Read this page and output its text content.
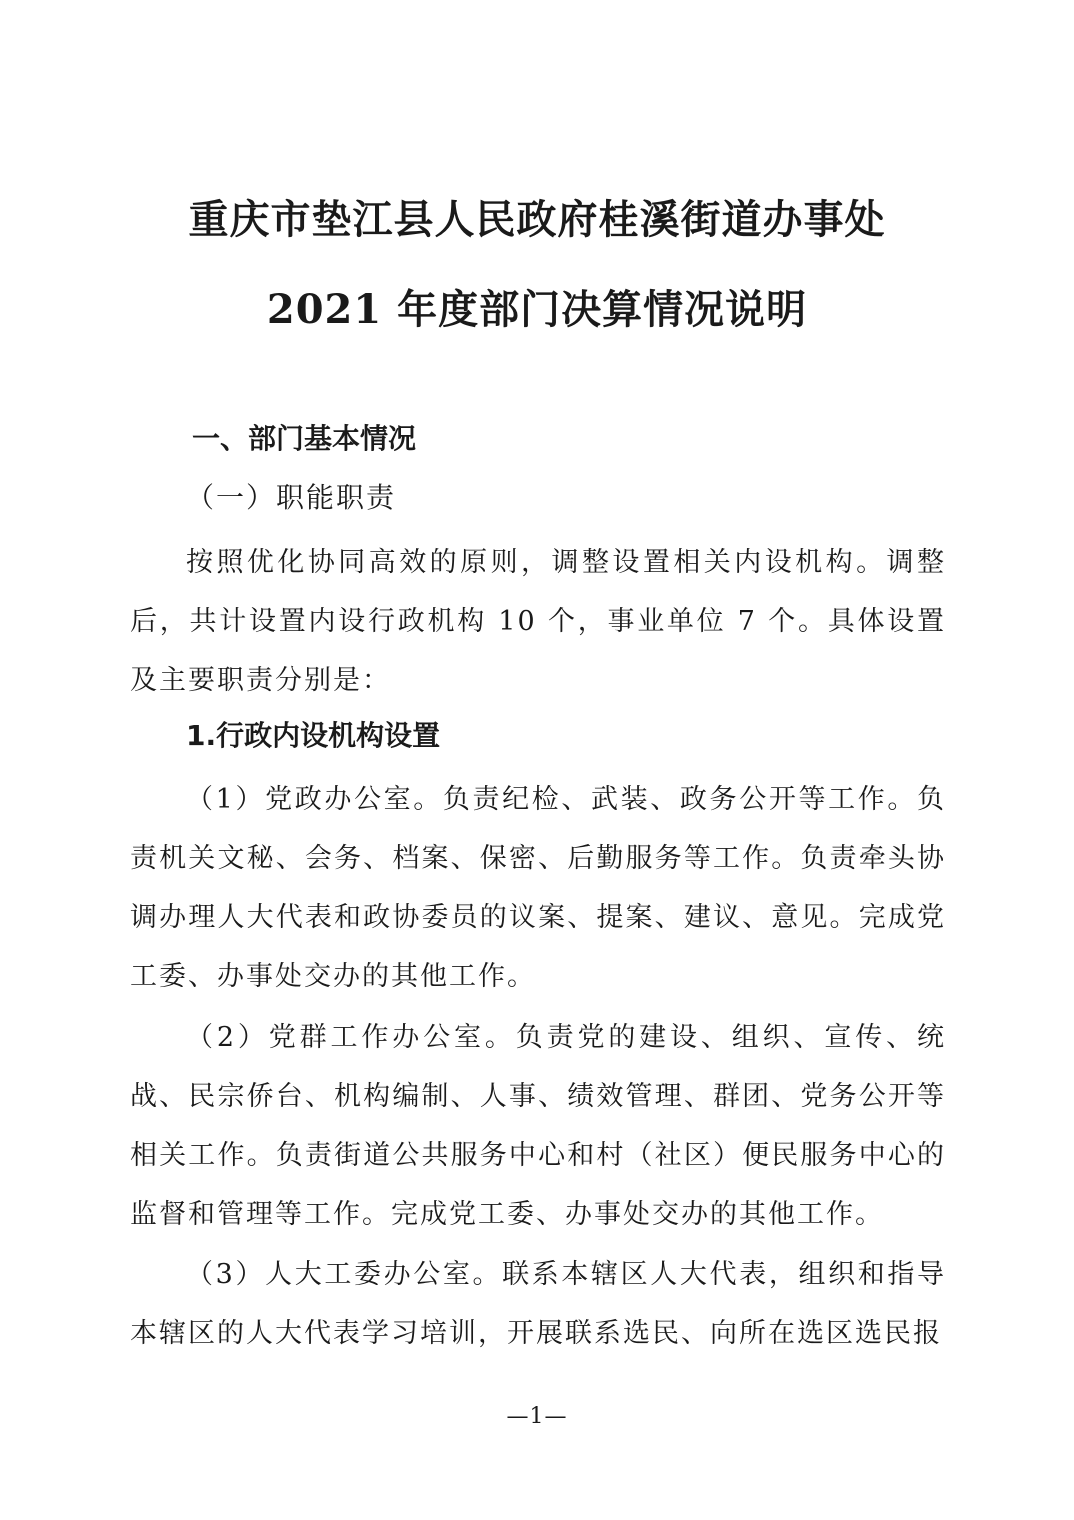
重庆市垫江县人民政府桂溪街道办事处
2021 年度部门决算情况说明
一、部门基本情况
（一）职能职责

按照优化协同高效的原则，调整设置相关内设机构。调整后，共计设置内设行政机构 10 个，事业单位 7 个。具体设置及主要职责分别是：

1.行政内设机构设置

（1）党政办公室。负责纪检、武装、政务公开等工作。负责机关文秘、会务、档案、保密、后勤服务等工作。负责牵头协调办理人大代表和政协委员的议案、提案、建议、意见。完成党工委、办事处交办的其他工作。

（2）党群工作办公室。负责党的建设、组织、宣传、统战、民宗侨台、机构编制、人事、绩效管理、群团、党务公开等相关工作。负责街道公共服务中心和村（社区）便民服务中心的监督和管理等工作。完成党工委、办事处交办的其他工作。

（3）人大工委办公室。联系本辖区人大代表，组织和指导本辖区的人大代表学习培训，开展联系选民、向所在选区选民报

—1—
